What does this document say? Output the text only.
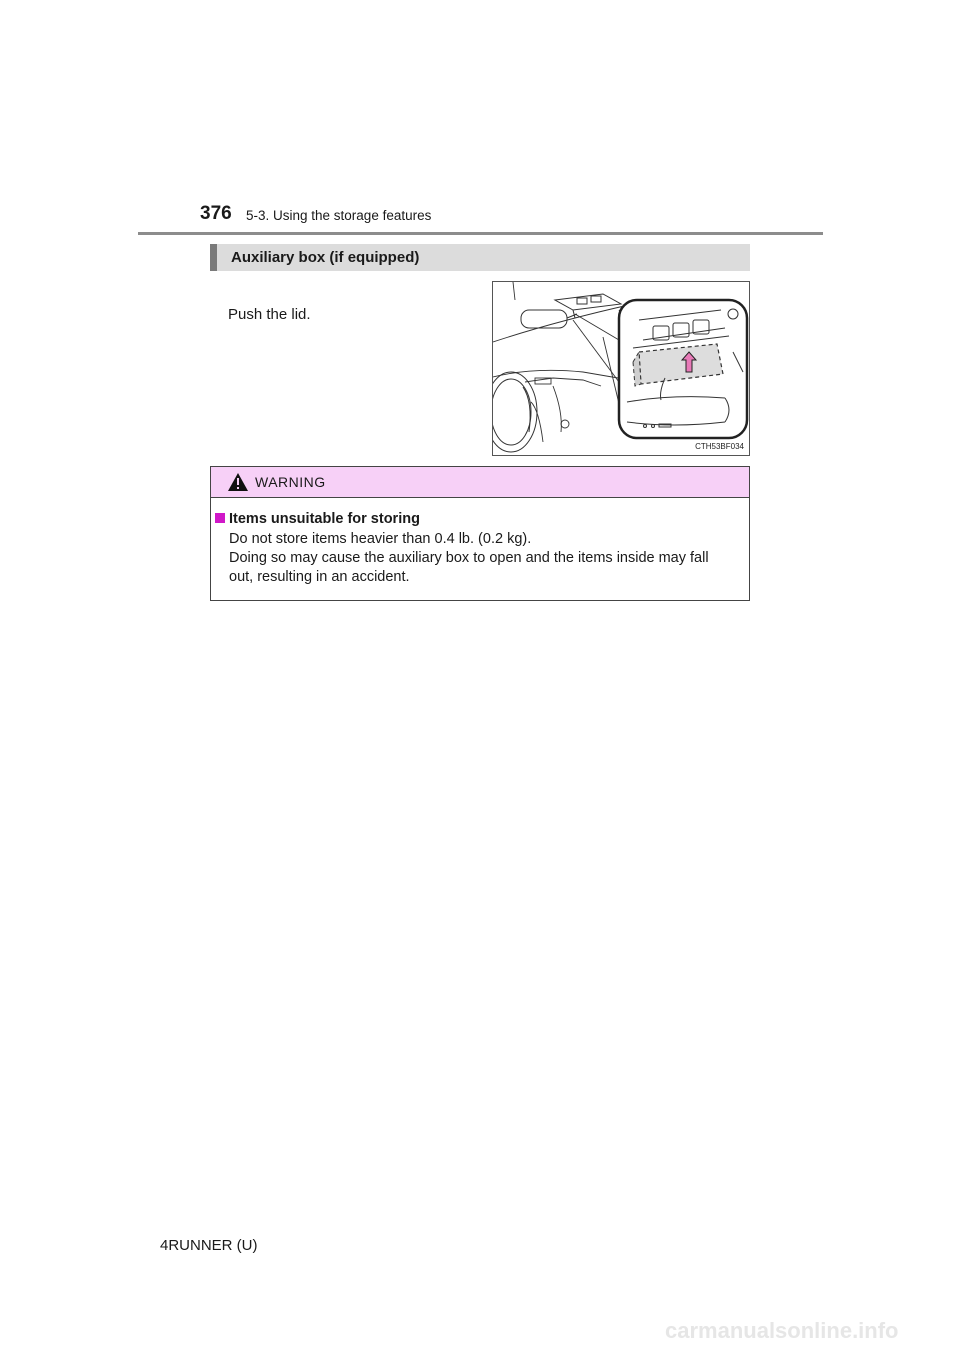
376 5-3. Using the storage features
Auxiliary box (if equipped)
Push the lid.
CTH53BF034
WARNING
Items unsuitable for storing
Do not store items heavier than 0.4 lb. (0.2 kg).
Doing so may cause the auxiliary box to open and the items inside may fall
out, resulting in an accident.
4RUNNER (U)
carmanualsonline.info
